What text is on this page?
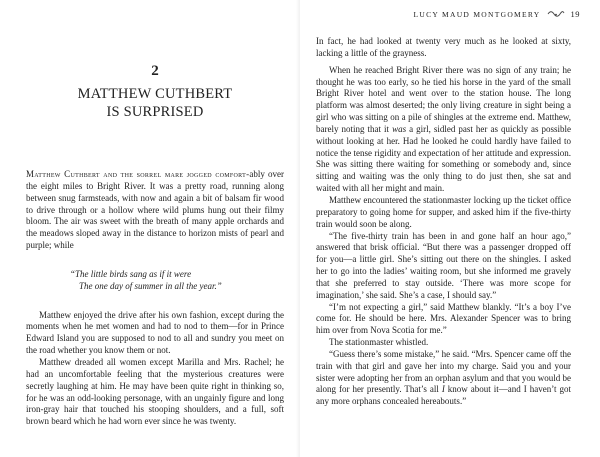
2
MATTHEW CUTHBERT
IS SURPRISED

Matthew Cuthbert and the sorrel mare jogged comfort-ably over the eight miles to Bright River. It was a pretty road, running along between snug farmsteads, with now and again a bit of balsam fir wood to drive through or a hollow where wild plums hung out their filmy bloom. The air was sweet with the breath of many apple orchards and the meadows sloped away in the distance to horizon mists of pearl and purple; while

“The little birds sang as if it were
The one day of summer in all the year.”

Matthew enjoyed the drive after his own fashion, except during the moments when he met women and had to nod to them—for in Prince Edward Island you are supposed to nod to all and sundry you meet on the road whether you know them or not.

Matthew dreaded all women except Marilla and Mrs. Rachel; he had an uncomfortable feeling that the mysterious creatures were secretly laughing at him. He may have been quite right in thinking so, for he was an odd-looking personage, with an ungainly figure and long iron-gray hair that touched his stooping shoulders, and a full, soft brown beard which he had worn ever since he was twenty.

LUCY MAUD MONTGOMERY	19

In fact, he had looked at twenty very much as he looked at sixty, lacking a little of the grayness.

When he reached Bright River there was no sign of any train; he thought he was too early, so he tied his horse in the yard of the small Bright River hotel and went over to the station house. The long platform was almost deserted; the only living creature in sight being a girl who was sitting on a pile of shingles at the extreme end. Matthew, barely noting that it was a girl, sidled past her as quickly as possible without looking at her. Had he looked he could hardly have failed to notice the tense rigidity and expectation of her attitude and expression. She was sitting there waiting for something or somebody and, since sitting and waiting was the only thing to do just then, she sat and waited with all her might and main.

Matthew encountered the stationmaster locking up the ticket office preparatory to going home for supper, and asked him if the five-thirty train would soon be along.

“The five-thirty train has been in and gone half an hour ago,” answered that brisk official. “But there was a passenger dropped off for you—a little girl. She’s sitting out there on the shingles. I asked her to go into the ladies’ waiting room, but she informed me gravely that she preferred to stay outside. ‘There was more scope for imagination,’ she said. She’s a case, I should say.”

“I’m not expecting a girl,” said Matthew blankly. “It’s a boy I’ve come for. He should be here. Mrs. Alexander Spencer was to bring him over from Nova Scotia for me.”

The stationmaster whistled.

“Guess there’s some mistake,” he said. “Mrs. Spencer came off the train with that girl and gave her into my charge. Said you and your sister were adopting her from an orphan asylum and that you would be along for her presently. That’s all I know about it—and I haven’t got any more orphans concealed hereabouts.”
